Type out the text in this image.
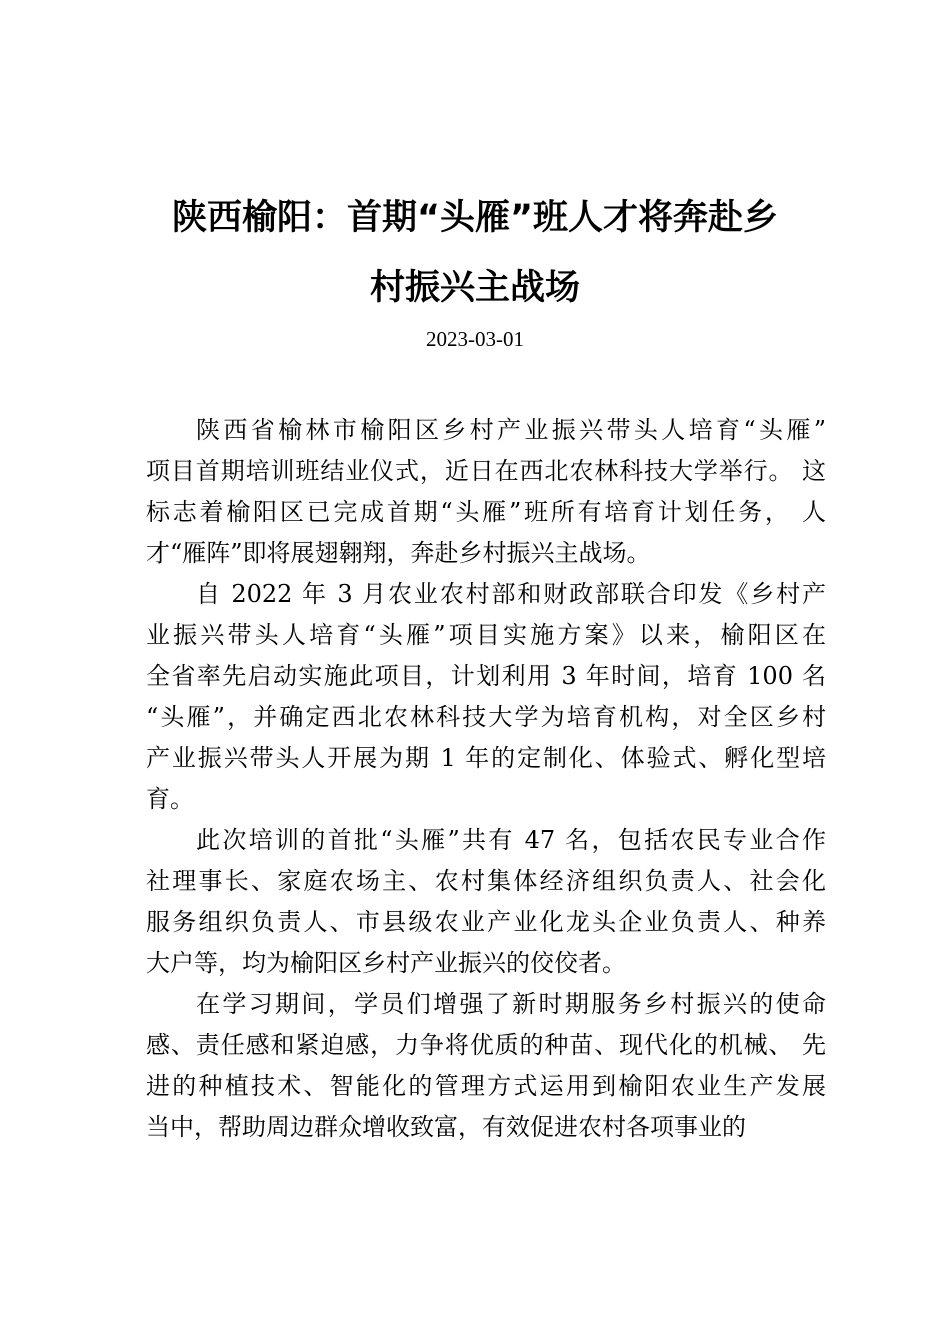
陕西榆阳：首期“头雁”班人才将奔赴乡
村振兴主战场
2023-03-01
陕西省榆林市榆阳区乡村产业振兴带头人培育“头雁”
项目首期培训班结业仪式，近日在西北农林科技大学举行。 这
标志着榆阳区已完成首期“头雁”班所有培育计划任务， 人
才“雁阵”即将展翅翱翔，奔赴乡村振兴主战场。
自 2022 年 3 月农业农村部和财政部联合印发《乡村产
业振兴带头人培育“头雁”项目实施方案》以来，榆阳区在
全省率先启动实施此项目，计划利用 3 年时间，培育 100 名
“头雁”，并确定西北农林科技大学为培育机构，对全区乡村
产业振兴带头人开展为期 1 年的定制化、体验式、孵化型培
育。
此次培训的首批“头雁”共有 47 名，包括农民专业合作
社理事长、家庭农场主、农村集体经济组织负责人、社会化
服务组织负责人、市县级农业产业化龙头企业负责人、种养
大户等，均为榆阳区乡村产业振兴的佼佼者。
在学习期间，学员们增强了新时期服务乡村振兴的使命
感、责任感和紧迫感，力争将优质的种苗、现代化的机械、 先
进的种植技术、智能化的管理方式运用到榆阳农业生产发展
当中，帮助周边群众增收致富，有效促进农村各项事业的
